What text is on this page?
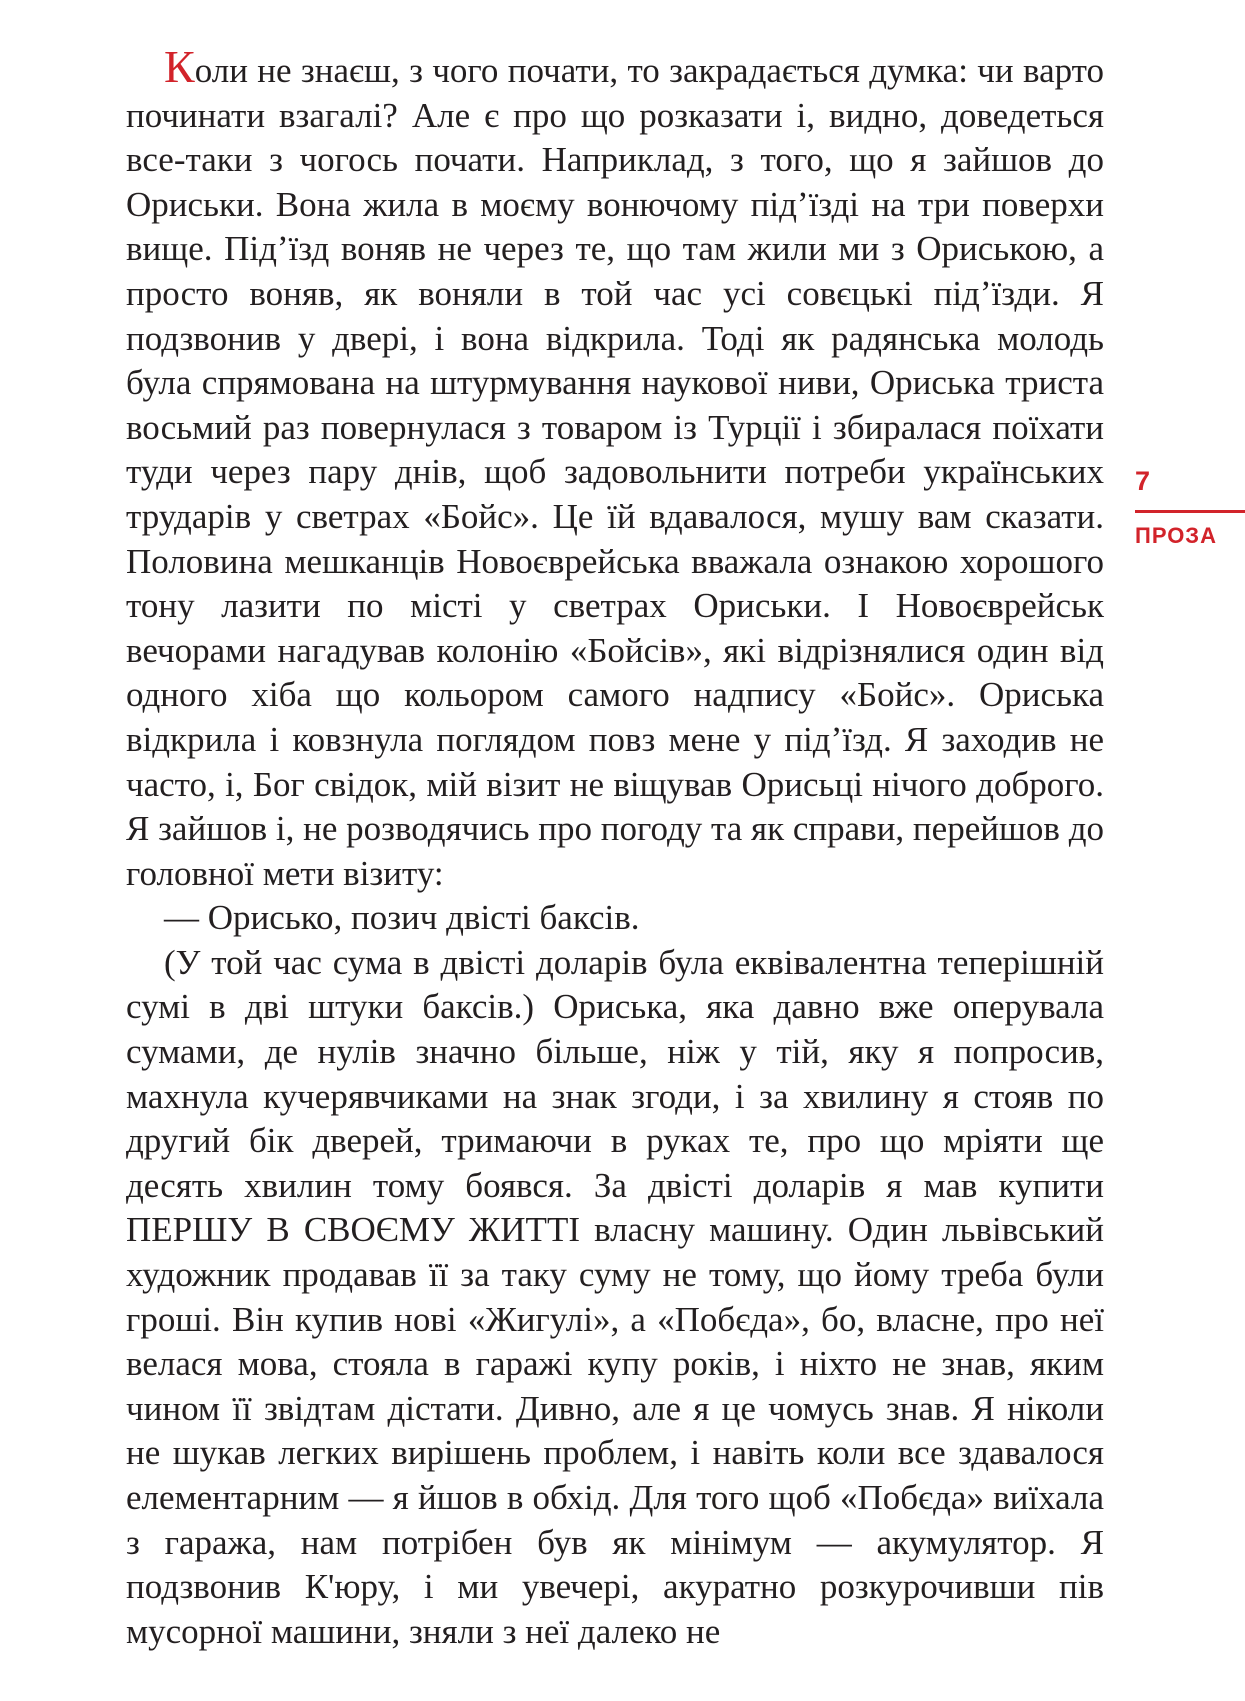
Коли не знаєш, з чого почати, то закрадається думка: чи варто починати взагалі? Але є про що розказати і, видно, доведеться все-таки з чогось почати. Наприклад, з того, що я зайшов до Ориськи. Вона жила в моєму вонючому підʼїзді на три поверхи вище. Підʼїзд воняв не через те, що там жили ми з Ориською, а просто воняв, як воняли в той час усі совєцькі підʼїзди. Я подзвонив у двері, і вона відкрила. Тоді як радянська молодь була спрямована на штурмування наукової ниви, Ориська триста восьмий раз повернулася з товаром із Турції і збиралася поїхати туди через пару днів, щоб задовольнити потреби українських трударів у светрах «Бойс». Це їй вдавалося, мушу вам сказати. Половина мешканців Новоєврейська вважала ознакою хорошого тону лазити по місті у светрах Ориськи. І Новоєврейськ вечорами нагадував колонію «Бойсів», які відрізнялися один від одного хіба що кольором самого надпису «Бойс». Ориська відкрила і ковзнула поглядом повз мене у підʼїзд. Я заходив не часто, і, Бог свідок, мій візит не віщував Орисьці нічого доброго. Я зайшов і, не розводячись про погоду та як справи, перейшов до головної мети візиту:

— Орисько, позич двісті баксів.

(У той час сума в двісті доларів була еквівалентна теперішній сумі в дві штуки баксів.) Ориська, яка давно вже оперувала сумами, де нулів значно більше, ніж у тій, яку я попросив, махнула кучерявчиками на знак згоди, і за хвилину я стояв по другий бік дверей, тримаючи в руках те, про що мріяти ще десять хвилин тому боявся. За двісті доларів я мав купити ПЕРШУ В СВОЄМУ ЖИТТІ власну машину. Один львівський художник продавав її за таку суму не тому, що йому треба були гроші. Він купив нові «Жигулі», а «Побєда», бо, власне, про неї велася мова, стояла в гаражі купу років, і ніхто не знав, яким чином її звідтам дістати. Дивно, але я це чомусь знав. Я ніколи не шукав легких вирішень проблем, і навіть коли все здавалося елементарним — я йшов в обхід. Для того щоб «Побєда» виїхала з гаража, нам потрібен був як мінімум — акумулятор. Я подзвонив К'юру, і ми увечері, акуратно розкурочивши пів мусорної машини, зняли з неї далеко не

7
ПРОЗА
